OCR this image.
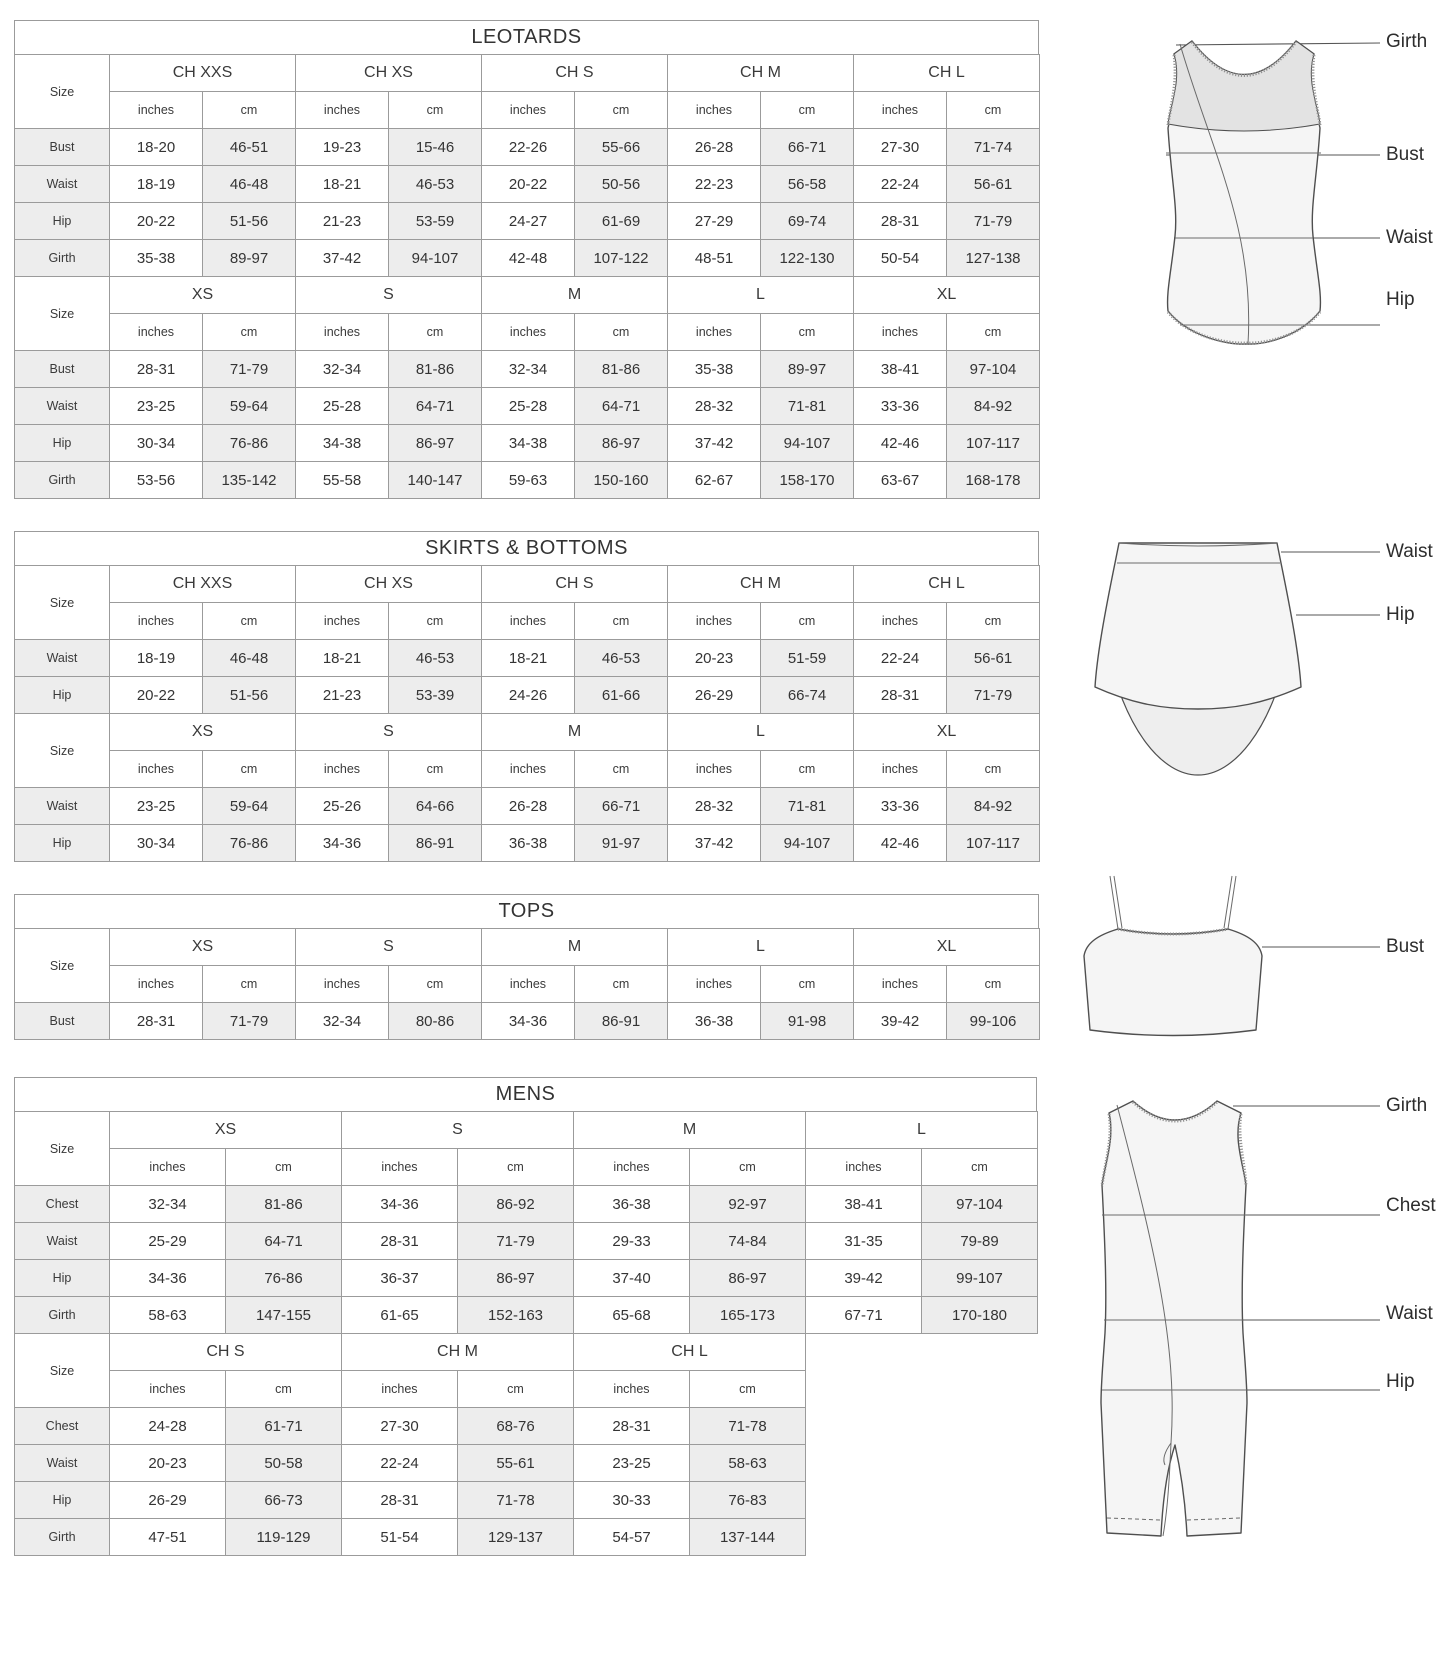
LEOTARDS
Size	CH XXS		CH XS		CH S		CH M		CH L	
	inches	cm	inches	cm	inches	cm	inches	cm	inches	cm
Bust	18-20	46-51	19-23	15-46	22-26	55-66	26-28	66-71	27-30	71-74
Waist	18-19	46-48	18-21	46-53	20-22	50-56	22-23	56-58	22-24	56-61
Hip	20-22	51-56	21-23	53-59	24-27	61-69	27-29	69-74	28-31	71-79
Girth	35-38	89-97	37-42	94-107	42-48	107-122	48-51	122-130	50-54	127-138
Size	XS		S		M		L		XL	
	inches	cm	inches	cm	inches	cm	inches	cm	inches	cm
Bust	28-31	71-79	32-34	81-86	32-34	81-86	35-38	89-97	38-41	97-104
Waist	23-25	59-64	25-28	64-71	25-28	64-71	28-32	71-81	33-36	84-92
Hip	30-34	76-86	34-38	86-97	34-38	86-97	37-42	94-107	42-46	107-117
Girth	53-56	135-142	55-58	140-147	59-63	150-160	62-67	158-170	63-67	168-178
SKIRTS & BOTTOMS
Size	CH XXS		CH XS		CH S		CH M		CH L	
	inches	cm	inches	cm	inches	cm	inches	cm	inches	cm
Waist	18-19	46-48	18-21	46-53	18-21	46-53	20-23	51-59	22-24	56-61
Hip	20-22	51-56	21-23	53-39	24-26	61-66	26-29	66-74	28-31	71-79
Size	XS		S		M		L		XL	
	inches	cm	inches	cm	inches	cm	inches	cm	inches	cm
Waist	23-25	59-64	25-26	64-66	26-28	66-71	28-32	71-81	33-36	84-92
Hip	30-34	76-86	34-36	86-91	36-38	91-97	37-42	94-107	42-46	107-117
TOPS
Size	XS		S		M		L		XL	
	inches	cm	inches	cm	inches	cm	inches	cm	inches	cm
Bust	28-31	71-79	32-34	80-86	34-36	86-91	36-38	91-98	39-42	99-106
MENS
Size	XS		S		M		L	
	inches	cm	inches	cm	inches	cm	inches	cm
Chest	32-34	81-86	34-36	86-92	36-38	92-97	38-41	97-104
Waist	25-29	64-71	28-31	71-79	29-33	74-84	31-35	79-89
Hip	34-36	76-86	36-37	86-97	37-40	86-97	39-42	99-107
Girth	58-63	147-155	61-65	152-163	65-68	165-173	67-71	170-180
Size	CH S		CH M		CH L	
	inches	cm	inches	cm	inches	cm
Chest	24-28	61-71	27-30	68-76	28-31	71-78
Waist	20-23	50-58	22-24	55-61	23-25	58-63
Hip	26-29	66-73	28-31	71-78	30-33	76-83
Girth	47-51	119-129	51-54	129-137	54-57	137-144
Girth
Bust
Waist
Hip
Waist
Hip
Bust
Girth
Chest
Waist
Hip
